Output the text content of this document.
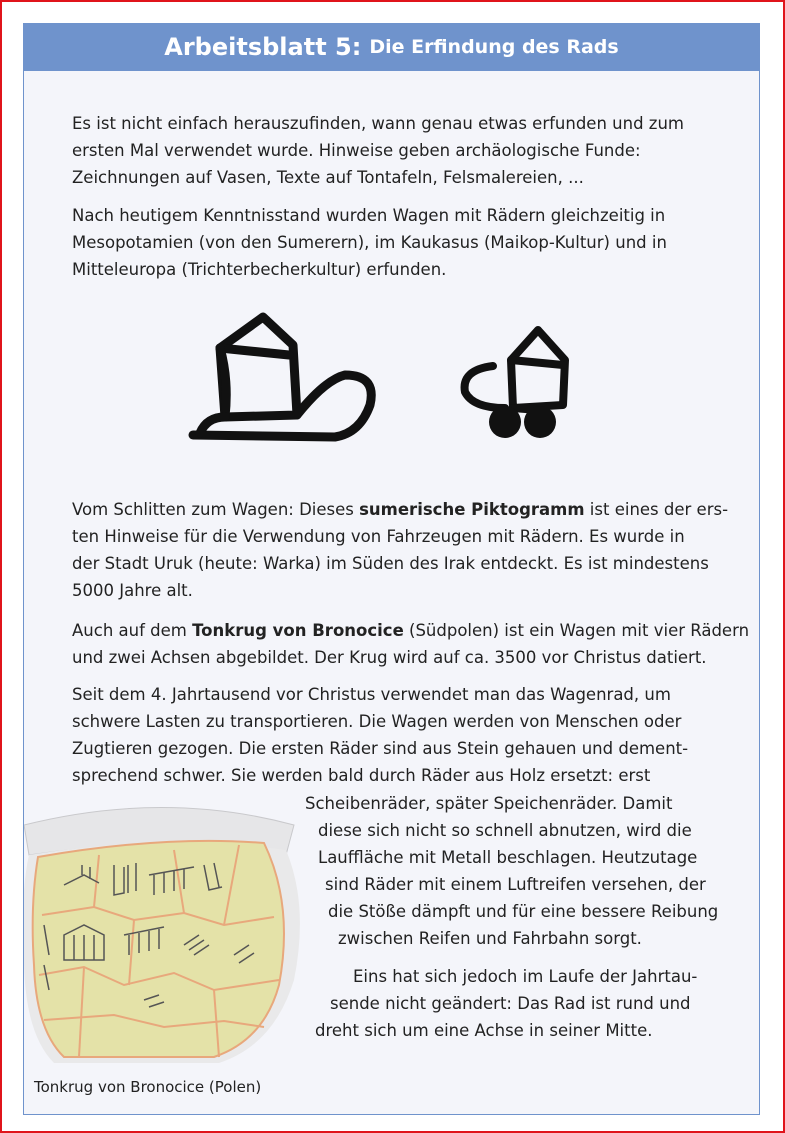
Arbeitsblatt 5: Die Erfindung des Rads
Es ist nicht einfach herauszufinden, wann genau etwas erfunden und zum
ersten Mal verwendet wurde. Hinweise geben archäologische Funde:
Zeichnungen auf Vasen, Texte auf Tontafeln, Felsmalereien, ...
Nach heutigem Kenntnisstand wurden Wagen mit Rädern gleichzeitig in
Mesopotamien (von den Sumerern), im Kaukasus (Maikop-Kultur) und in
Mitteleuropa (Trichterbecherkultur) erfunden.
Vom Schlitten zum Wagen: Dieses sumerische Piktogramm ist eines der ers-
ten Hinweise für die Verwendung von Fahrzeugen mit Rädern. Es wurde in
der Stadt Uruk (heute: Warka) im Süden des Irak entdeckt. Es ist mindestens
5000 Jahre alt.
Auch auf dem Tonkrug von Bronocice (Südpolen) ist ein Wagen mit vier Rädern
und zwei Achsen abgebildet. Der Krug wird auf ca. 3500 vor Christus datiert.
Seit dem 4. Jahrtausend vor Christus verwendet man das Wagenrad, um
schwere Lasten zu transportieren. Die Wagen werden von Menschen oder
Zugtieren gezogen. Die ersten Räder sind aus Stein gehauen und dement-
sprechend schwer. Sie werden bald durch Räder aus Holz ersetzt: erst
Scheibenräder, später Speichenräder. Damit
diese sich nicht so schnell abnutzen, wird die
Lauffläche mit Metall beschlagen. Heutzutage
sind Räder mit einem Luftreifen versehen, der
die Stöße dämpft und für eine bessere Reibung
zwischen Reifen und Fahrbahn sorgt.
Eins hat sich jedoch im Laufe der Jahrtau-
sende nicht geändert: Das Rad ist rund und
dreht sich um eine Achse in seiner Mitte.
Tonkrug von Bronocice (Polen)
